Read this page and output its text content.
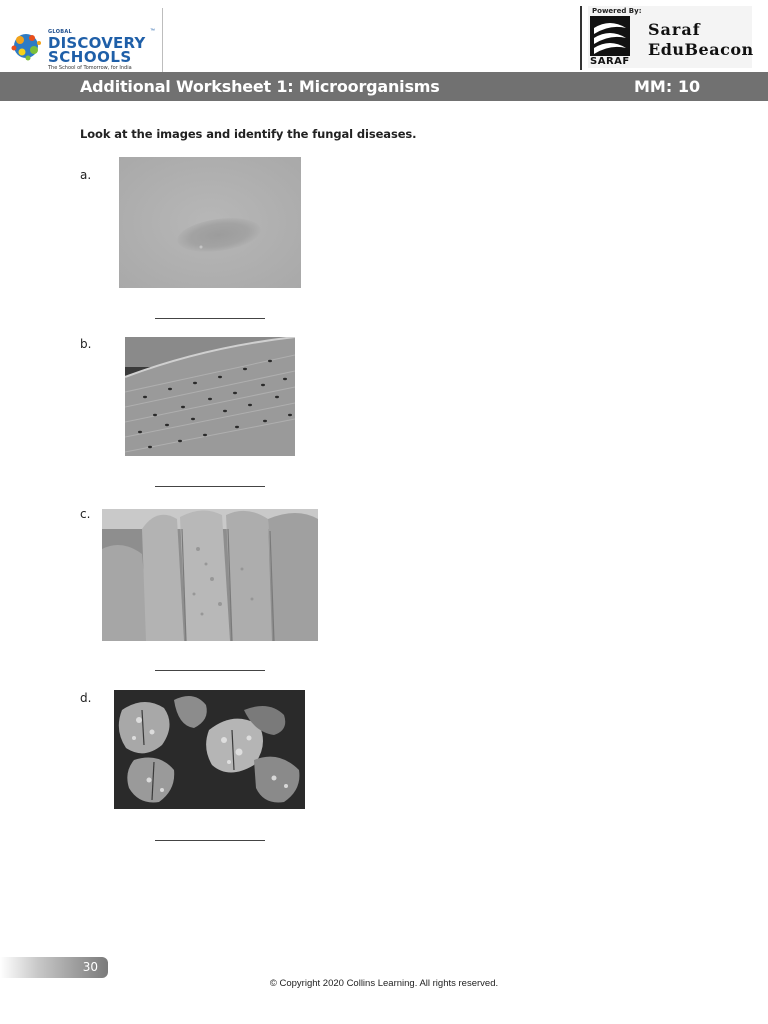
GLOBAL
DISCOVERY
SCHOOLS
™
The School of Tomorrow, for India
Powered By:
SARAF
Saraf
EduBeacon
Additional Worksheet 1: Microorganisms	MM: 10
Look at the images and identify the fungal diseases.
a.
b.
c.
d.
30
© Copyright 2020 Collins Learning. All rights reserved.
